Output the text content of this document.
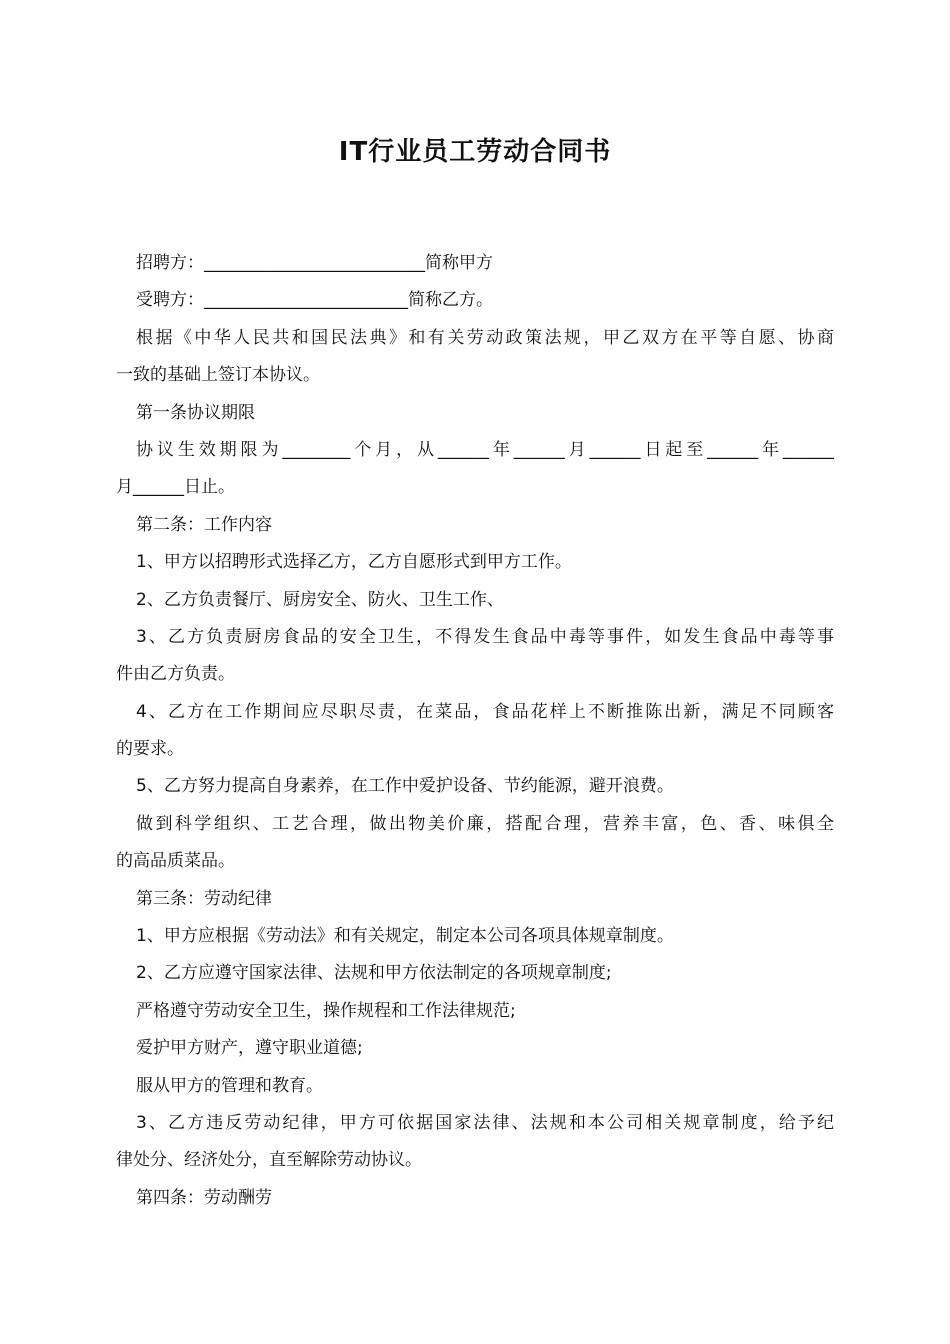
IT行业员工劳动合同书
招聘方：__________________________简称甲方
受聘方：________________________简称乙方。
根据《中华人民共和国民法典》和有关劳动政策法规，甲乙双方在平等自愿、协商
一致的基础上签订本协议。
第一条协议期限
协议生效期限为________个月，从______年______月______日起至______年______
月______日止。
第二条：工作内容
1、甲方以招聘形式选择乙方，乙方自愿形式到甲方工作。
2、乙方负责餐厅、厨房安全、防火、卫生工作、
3、乙方负责厨房食品的安全卫生，不得发生食品中毒等事件，如发生食品中毒等事
件由乙方负责。
4、乙方在工作期间应尽职尽责，在菜品，食品花样上不断推陈出新，满足不同顾客
的要求。
5、乙方努力提高自身素养，在工作中爱护设备、节约能源，避开浪费。
做到科学组织、工艺合理，做出物美价廉，搭配合理，营养丰富，色、香、味俱全
的高品质菜品。
第三条：劳动纪律
1、甲方应根据《劳动法》和有关规定，制定本公司各项具体规章制度。
2、乙方应遵守国家法律、法规和甲方依法制定的各项规章制度;
严格遵守劳动安全卫生，操作规程和工作法律规范;
爱护甲方财产，遵守职业道德;
服从甲方的管理和教育。
3、乙方违反劳动纪律，甲方可依据国家法律、法规和本公司相关规章制度，给予纪
律处分、经济处分，直至解除劳动协议。
第四条：劳动酬劳
